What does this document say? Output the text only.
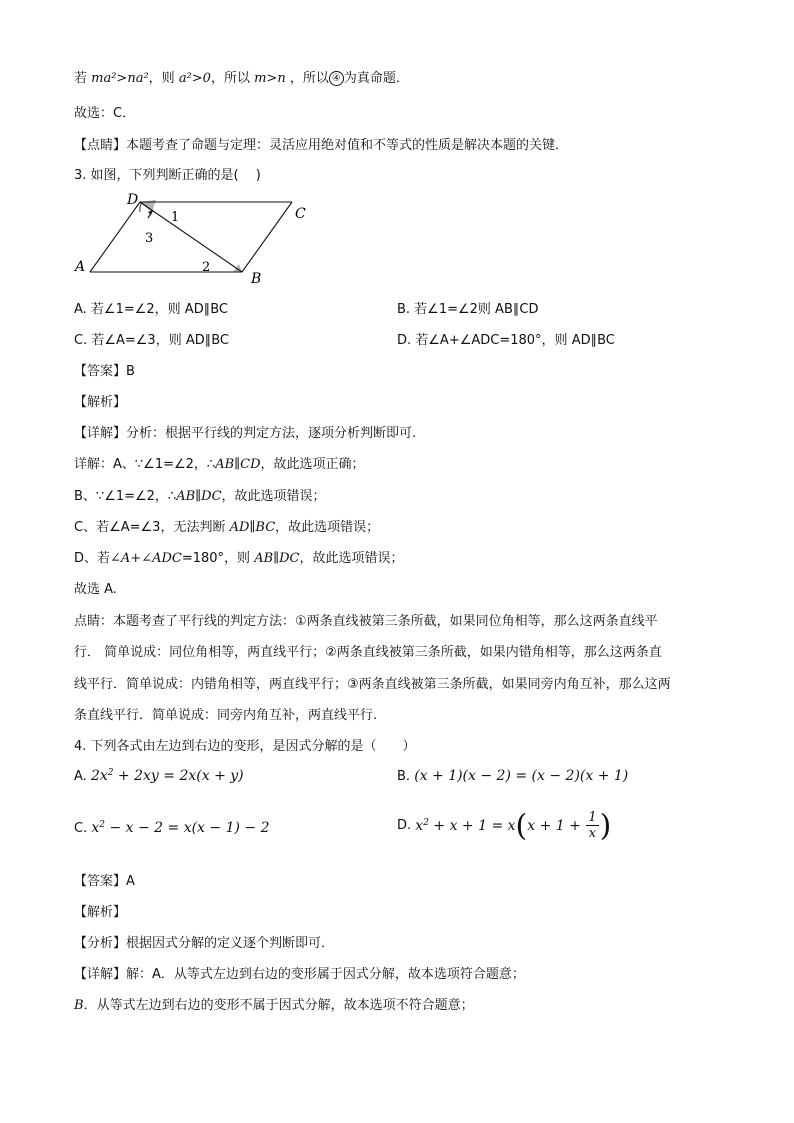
若 ma²>na²，则 a²>0，所以 m>n ，所以 ④ 为真命题．
故选：C．
【点睛】本题考查了命题与定理：灵活应用绝对值和不等式的性质是解决本题的关键．
3. 如图，下列判断正确的是(　 )
D
C
A
B
1
3
2
A. 若∠1=∠2，则 AD∥BC	B. 若∠1=∠2则 AB∥CD
C. 若∠A=∠3，则 AD∥BC	D. 若∠A+∠ADC=180°，则 AD∥BC
【答案】B
【解析】
【详解】分析：根据平行线的判定方法，逐项分析判断即可.
详解：A、∵∠1=∠2，∴AB∥CD，故此选项正确；
B、∵∠1=∠2，∴AB∥DC，故此选项错误；
C、若∠A=∠3，无法判断 AD∥BC，故此选项错误；
D、若∠A+∠ADC=180°，则 AB∥DC，故此选项错误；
故选 A.
点睛：本题考查了平行线的判定方法：①两条直线被第三条所截，如果同位角相等，那么这两条直线平
行． 简单说成：同位角相等，两直线平行；②两条直线被第三条所截，如果内错角相等，那么这两条直
线平行．简单说成：内错角相等，两直线平行；③两条直线被第三条所截，如果同旁内角互补，那么这两
条直线平行．简单说成：同旁内角互补，两直线平行.
4. 下列各式由左边到右边的变形，是因式分解的是（　　）
A. $2x^2 + 2xy = 2x(x + y)$	B. (x + 1)(x − 2) = (x − 2)(x + 1)
C. $x^2 - x - 2 = x(x - 1) - 2$	D. $x^2 + x + 1 = x(x + 1 + \frac{1}{x}$ )
【答案】A
【解析】
【分析】根据因式分解的定义逐个判断即可．
【详解】解：A．从等式左边到右边的变形属于因式分解，故本选项符合题意；
B．从等式左边到右边的变形不属于因式分解，故本选项不符合题意；
